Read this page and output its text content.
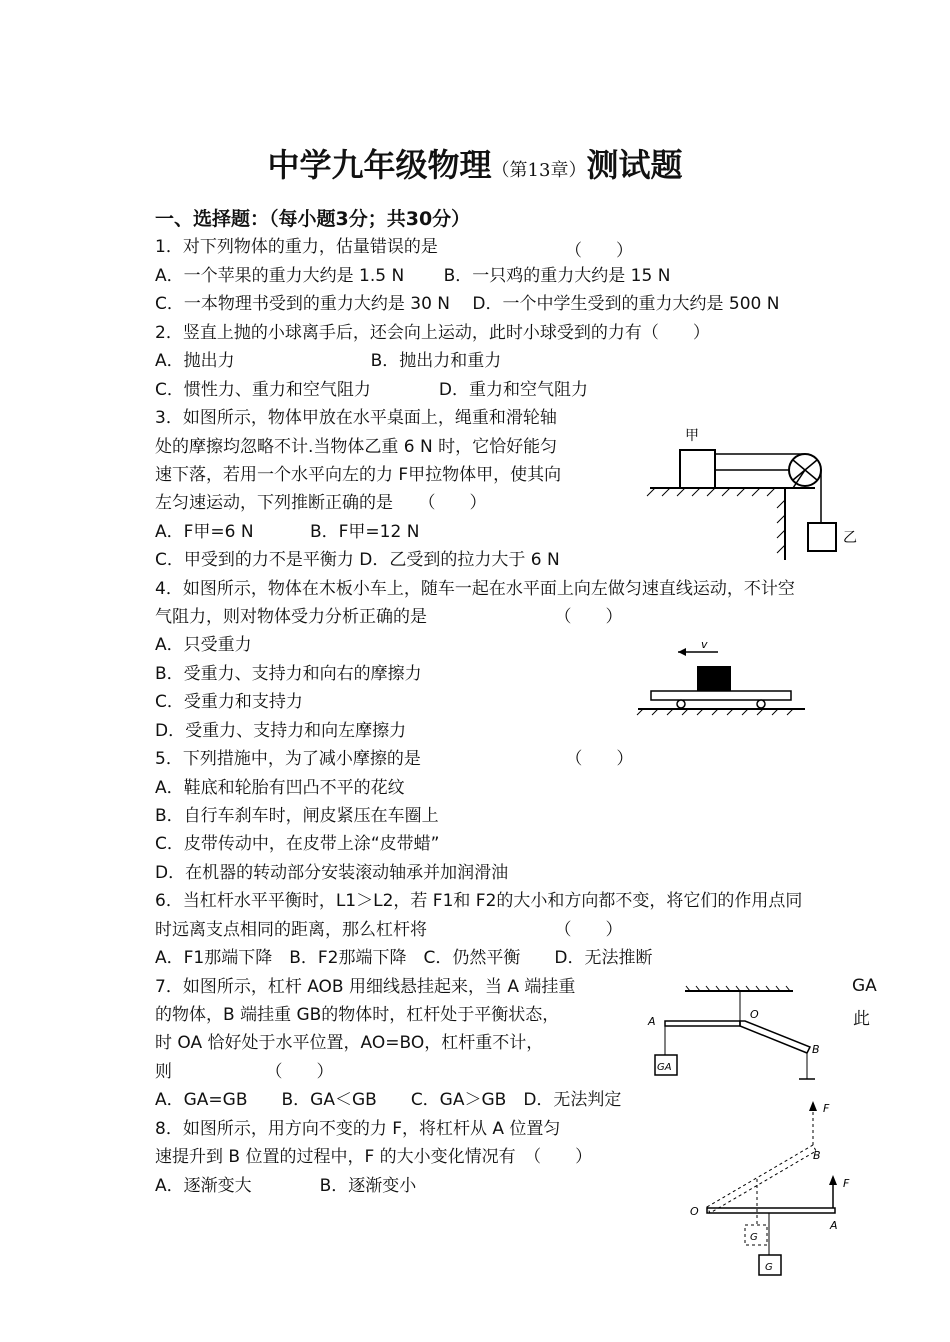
中学九年级物理（第13章）测试题
一、选择题：（每小题3分；共30分）
1．对下列物体的重力，估量错误的是
A．一个苹果的重力大约是 1.5 N　　 B．一只鸡的重力大约是 15 N
C．一本物理书受到的重力大约是 30 N　 D．一个中学生受到的重力大约是 500 N
2．竖直上抛的小球离手后，还会向上运动，此时小球受到的力有（　　）
A．抛出力　　　　　　　　B．抛出力和重力
C．惯性力、重力和空气阻力　　　　D．重力和空气阻力
3．如图所示，物体甲放在水平桌面上，绳重和滑轮轴
处的摩擦均忽略不计.当物体乙重 6 N 时，它恰好能匀
速下落，若用一个水平向左的力 F甲拉物体甲，使其向
左匀速运动，下列推断正确的是　　（　　）
A．F甲=6 N　　　 B．F甲=12 N
C．甲受到的力不是平衡力 D．乙受到的拉力大于 6 N
4．如图所示，物体在木板小车上，随车一起在水平面上向左做匀速直线运动，不计空
气阻力，则对物体受力分析正确的是　　　　　　　　（　　）
A．只受重力
B．受重力、支持力和向右的摩擦力
C．受重力和支持力
D．受重力、支持力和向左摩擦力
5．下列措施中，为了减小摩擦的是　　　　　　　　　（　　）
A．鞋底和轮胎有凹凸不平的花纹
B．自行车刹车时，闸皮紧压在车圈上
C．皮带传动中，在皮带上涂“皮带蜡”
D．在机器的转动部分安装滚动轴承并加润滑油
6．当杠杆水平平衡时，L1＞L2，若 F1和 F2的大小和方向都不变，将它们的作用点同
时远离支点相同的距离，那么杠杆将　　　　　　　　（　　）
A．F1那端下降　B．F2那端下降　C．仍然平衡　　D．无法推断
7．如图所示，杠杆 AOB 用细线悬挂起来，当 A 端挂重
的物体，B 端挂重 GB的物体时，杠杆处于平衡状态，
时 OA 恰好处于水平位置，AO=BO，杠杆重不计，
则　　　　　　（　　）
A．GA=GB　　B．GA＜GB　　C．GA＞GB　D．无法判定
8．如图所示，用方向不变的力 F，将杠杆从 A 位置匀
速提升到 B 位置的过程中，F 的大小变化情况有　（　　）
A．逐渐变大　　　　B．逐渐变小
（　　）
GA
此
甲
乙
v
GA
A
O
B
F
B
G
O
F
A
G
